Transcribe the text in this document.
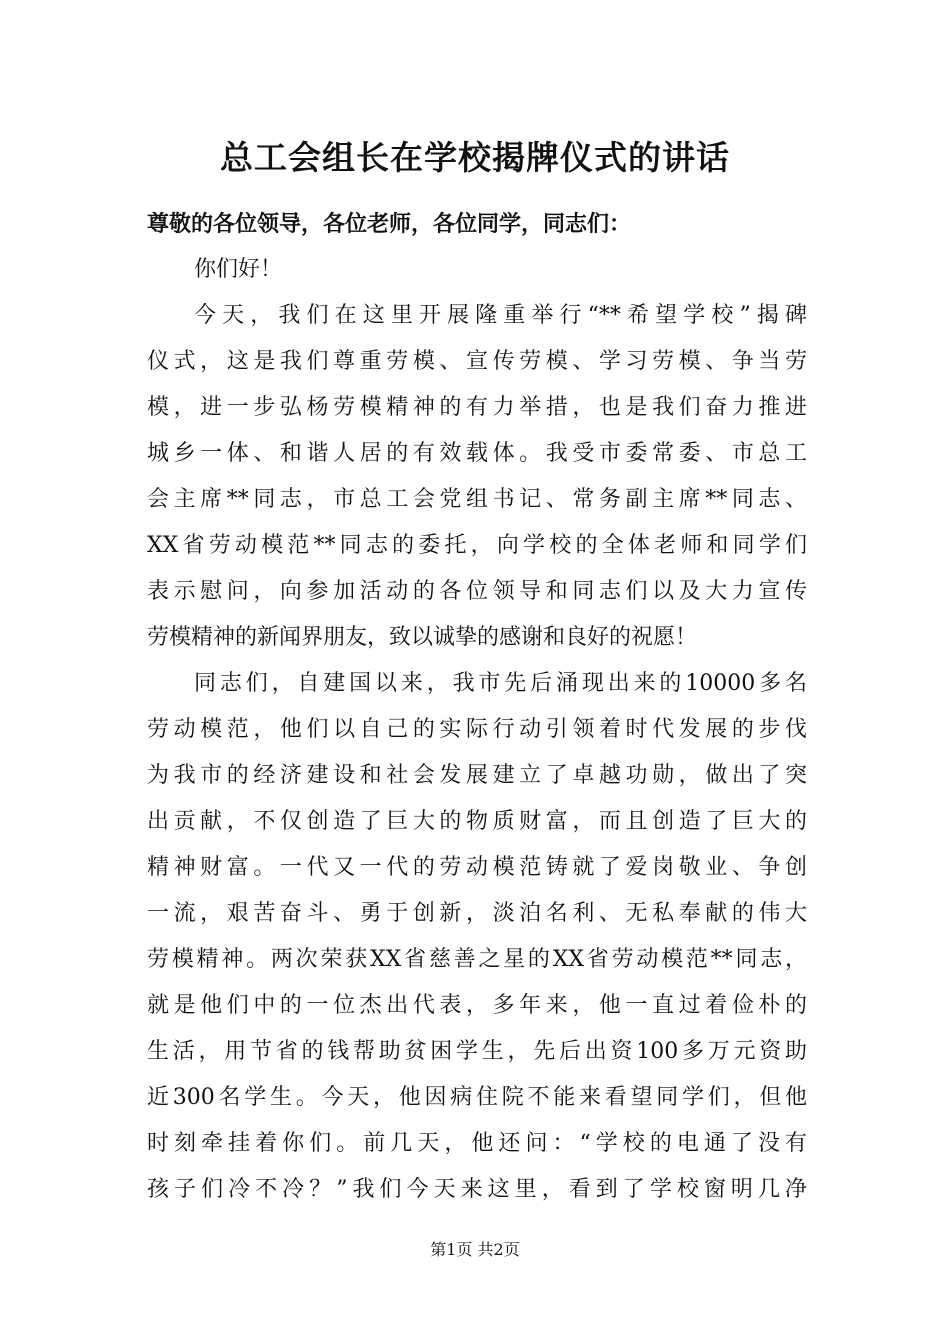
总工会组长在学校揭牌仪式的讲话
尊敬的各位领导，各位老师，各位同学，同志们：
你们好！
今天，我们在这里开展隆重举行“**希望学校”揭碑
仪式，这是我们尊重劳模、宣传劳模、学习劳模、争当劳
模，进一步弘杨劳模精神的有力举措，也是我们奋力推进
城乡一体、和谐人居的有效载体。我受市委常委、市总工
会主席**同志，市总工会党组书记、常务副主席**同志、
XX省劳动模范**同志的委托，向学校的全体老师和同学们
表示慰问，向参加活动的各位领导和同志们以及大力宣传
劳模精神的新闻界朋友，致以诚挚的感谢和良好的祝愿！
同志们，自建国以来，我市先后涌现出来的10000多名
劳动模范，他们以自己的实际行动引领着时代发展的步伐
为我市的经济建设和社会发展建立了卓越功勋，做出了突
出贡献，不仅创造了巨大的物质财富，而且创造了巨大的
精神财富。一代又一代的劳动模范铸就了爱岗敬业、争创
一流，艰苦奋斗、勇于创新，淡泊名利、无私奉献的伟大
劳模精神。两次荣获XX省慈善之星的XX省劳动模范**同志，
就是他们中的一位杰出代表，多年来，他一直过着俭朴的
生活，用节省的钱帮助贫困学生，先后出资100多万元资助
近300名学生。今天，他因病住院不能来看望同学们，但他
时刻牵挂着你们。前几天，他还问：“学校的电通了没有
孩子们冷不冷？”我们今天来这里，看到了学校窗明几净
第1页 共2页
